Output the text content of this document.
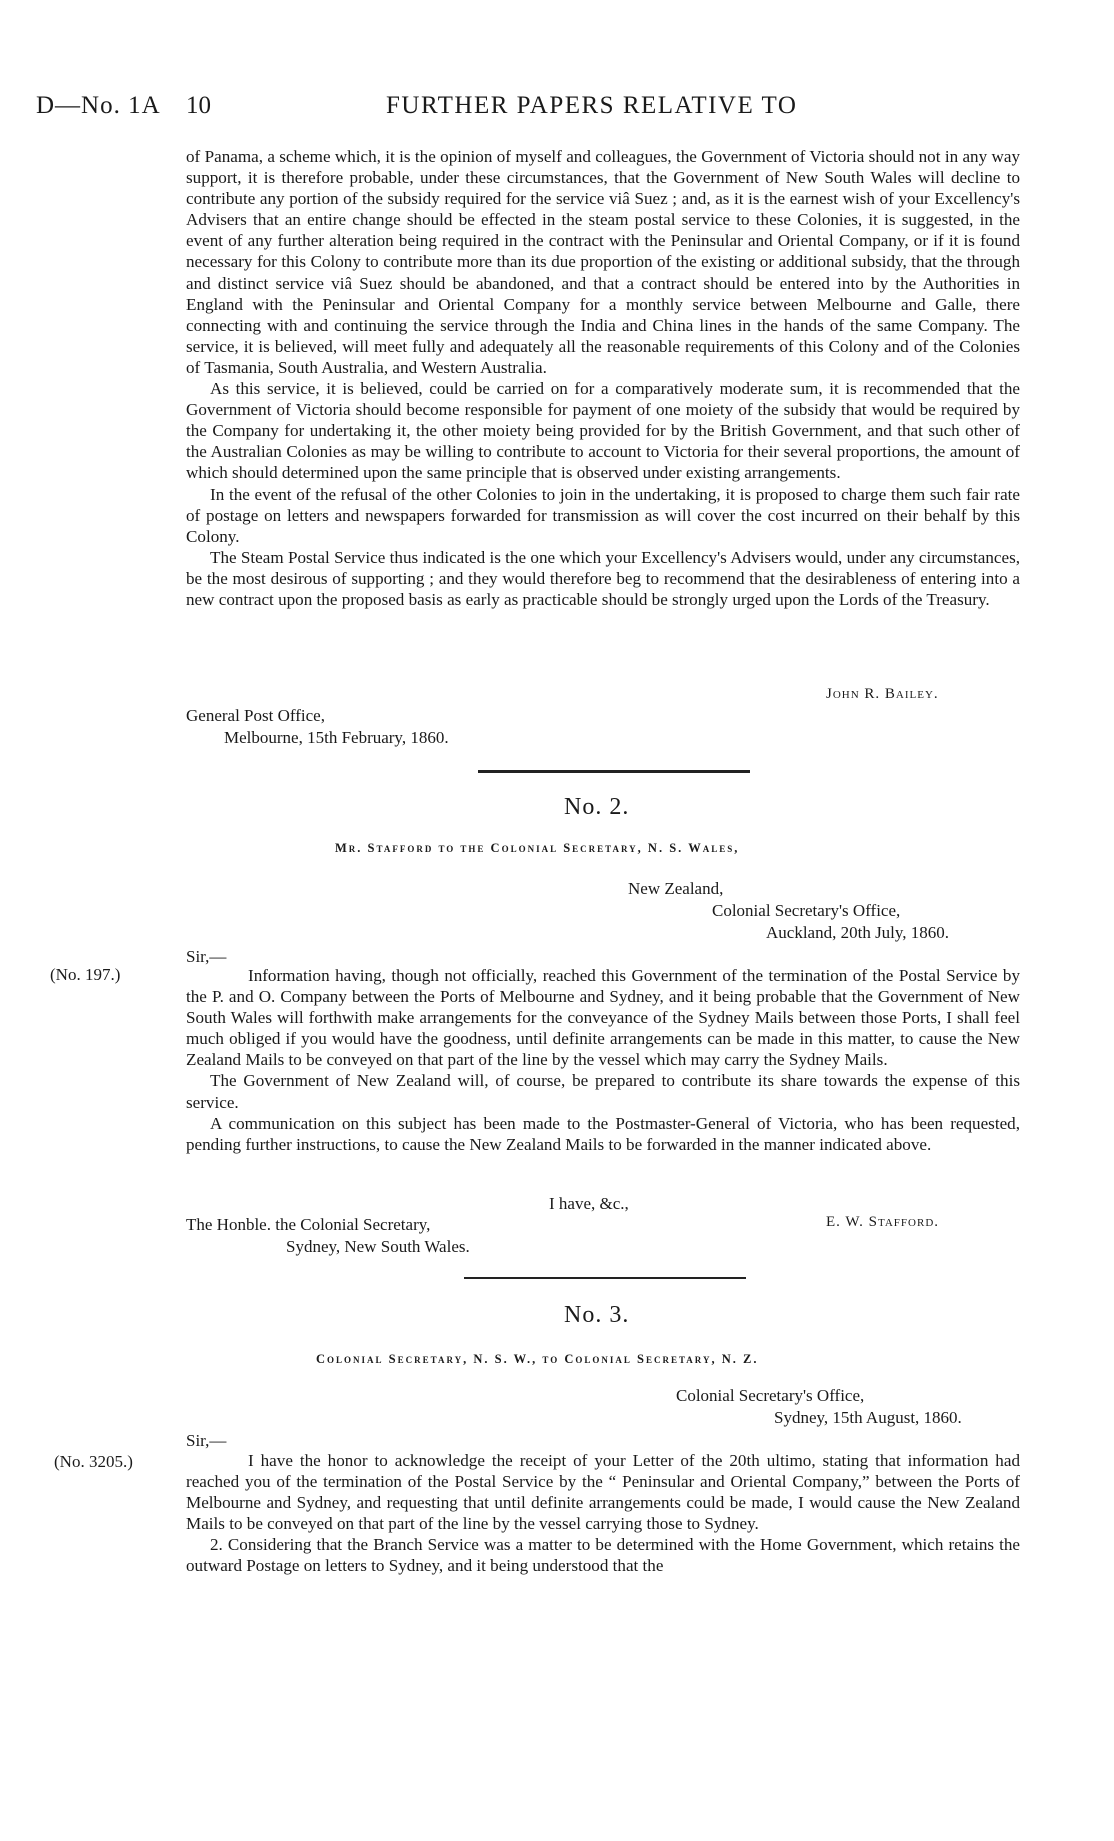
D—No. 1A 10	FURTHER PAPERS RELATIVE TO

of Panama, a scheme which, it is the opinion of myself and colleagues, the Government of Victoria should not in any way support, it is therefore probable, under these circumstances, that the Government of New South Wales will decline to contribute any portion of the subsidy required for the service viâ Suez ; and, as it is the earnest wish of your Excellency's Advisers that an entire change should be effected in the steam postal service to these Colonies, it is suggested, in the event of any further alteration being required in the contract with the Peninsular and Oriental Company, or if it is found necessary for this Colony to contribute more than its due proportion of the existing or additional subsidy, that the through and distinct service viâ Suez should be abandoned, and that a contract should be entered into by the Authorities in England with the Peninsular and Oriental Company for a monthly service between Melbourne and Galle, there connecting with and continuing the service through the India and China lines in the hands of the same Company. The service, it is believed, will meet fully and adequately all the reasonable requirements of this Colony and of the Colonies of Tasmania, South Australia, and Western Australia.

As this service, it is believed, could be carried on for a comparatively moderate sum, it is recommended that the Government of Victoria should become responsible for payment of one moiety of the subsidy that would be required by the Company for undertaking it, the other moiety being provided for by the British Government, and that such other of the Australian Colonies as may be willing to contribute to account to Victoria for their several proportions, the amount of which should determined upon the same principle that is observed under existing arrangements.

In the event of the refusal of the other Colonies to join in the undertaking, it is proposed to charge them such fair rate of postage on letters and newspapers forwarded for transmission as will cover the cost incurred on their behalf by this Colony.

The Steam Postal Service thus indicated is the one which your Excellency's Advisers would, under any circumstances, be the most desirous of supporting ; and they would therefore beg to recommend that the desirableness of entering into a new contract upon the proposed basis as early as practicable should be strongly urged upon the Lords of the Treasury.

John R. Bailey.
General Post Office,
Melbourne, 15th February, 1860.
No. 2.
Mr. Stafford to the Colonial Secretary, N. S. Wales,
New Zealand,
Colonial Secretary's Office,
Auckland, 20th July, 1860.
Sir,—
(No. 197.)	Information having, though not officially, reached this Government of the termination of the Postal Service by the P. and O. Company between the Ports of Melbourne and Sydney, and it being probable that the Government of New South Wales will forthwith make arrangements for the conveyance of the Sydney Mails between those Ports, I shall feel much obliged if you would have the goodness, until definite arrangements can be made in this matter, to cause the New Zealand Mails to be conveyed on that part of the line by the vessel which may carry the Sydney Mails.

The Government of New Zealand will, of course, be prepared to contribute its share towards the expense of this service.

A communication on this subject has been made to the Postmaster-General of Victoria, who has been requested, pending further instructions, to cause the New Zealand Mails to be forwarded in the manner indicated above.

I have, &c.,
The Honble. the Colonial Secretary,
Sydney, New South Wales.
E. W. Stafford.
No. 3.
Colonial Secretary, N. S. W., to Colonial Secretary, N. Z.
Colonial Secretary's Office,
Sydney, 15th August, 1860.
Sir,—
(No. 3205.)	I have the honor to acknowledge the receipt of your Letter of the 20th ultimo, stating that information had reached you of the termination of the Postal Service by the “ Peninsular and Oriental Company,” between the Ports of Melbourne and Sydney, and requesting that until definite arrangements could be made, I would cause the New Zealand Mails to be conveyed on that part of the line by the vessel carrying those to Sydney.

2. Considering that the Branch Service was a matter to be determined with the Home Government, which retains the outward Postage on letters to Sydney, and it being understood that the
